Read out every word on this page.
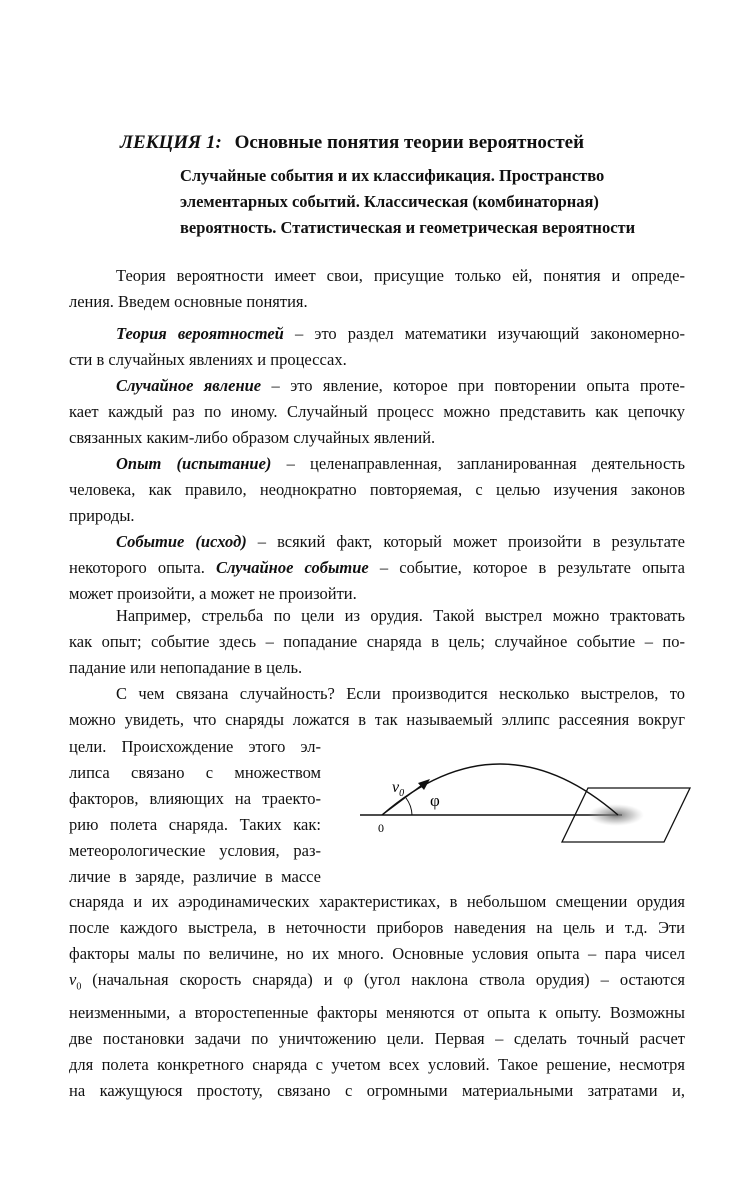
ЛЕКЦИЯ 1: Основные понятия теории вероятностей
Случайные события и их классификация. Пространство
элементарных событий. Классическая (комбинаторная)
вероятность. Статистическая и геометрическая вероятности
Теория вероятности имеет свои, присущие только ей, понятия и опреде-
ления. Введем основные понятия.
Теория вероятностей – это раздел математики изучающий закономерно-
сти в случайных явлениях и процессах.
Случайное явление – это явление, которое при повторении опыта проте-
кает каждый раз по иному. Случайный процесс можно представить как цепочку
связанных каким-либо образом случайных явлений.
Опыт (испытание) – целенаправленная, запланированная деятельность
человека, как правило, неоднократно повторяемая, с целью изучения законов
природы.
Событие (исход) – всякий факт, который может произойти в результате
некоторого опыта. Случайное событие – событие, которое в результате опыта
может произойти, а может не произойти.
Например, стрельба по цели из орудия. Такой выстрел можно трактовать
как опыт; событие здесь – попадание снаряда в цель; случайное событие – по-
падание или непопадание в цель.
С чем связана случайность? Если производится несколько выстрелов, то
можно увидеть, что снаряды ложатся в так называемый эллипс рассеяния вокруг
цели. Происхождение этого эл-
липса связано с множеством
факторов, влияющих на траекто-
рию полета снаряда. Таких как:
метеорологические условия, раз-
личие в заряде, различие в массе
$v_0$ φ
0
снаряда и их аэродинамических характеристиках, в небольшом смещении орудия
после каждого выстрела, в неточности приборов наведения на цель и т.д. Эти
факторы малы по величине, но их много. Основные условия опыта – пара чисел
$v_0$ (начальная скорость снаряда) и φ (угол наклона ствола орудия) – остаются
неизменными, а второстепенные факторы меняются от опыта к опыту. Возможны
две постановки задачи по уничтожению цели. Первая – сделать точный расчет
для полета конкретного снаряда с учетом всех условий. Такое решение, несмотря
на кажущуюся простоту, связано с огромными материальными затратами и,
